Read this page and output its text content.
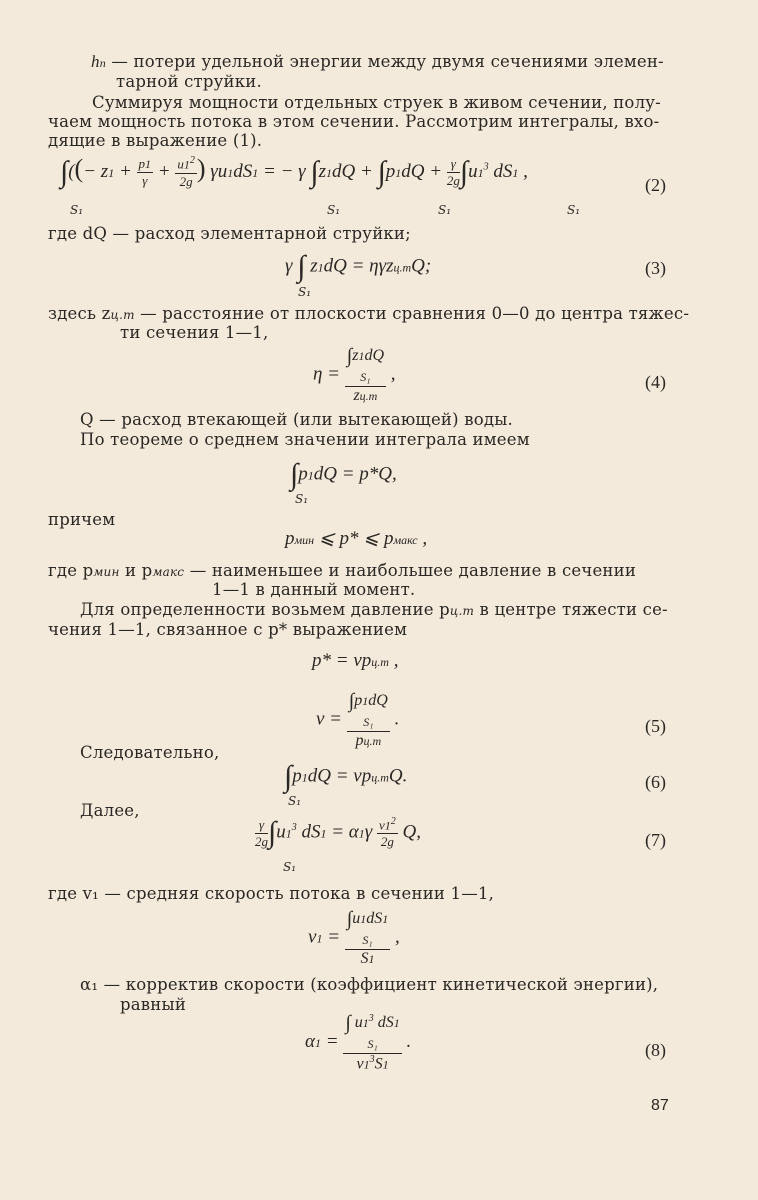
hп — потери удельной энергии между двумя сечениями элемен-
тарной струйки.
Суммируя мощности отдельных струек в живом сечении, полу-
чаем мощность потока в этом сечении. Рассмотрим интегралы, вхо-
дящие в выражение (1).
∫((− $z1 + \frac{p1}{\gamma} + \frac{u1^2}{2g}$ ) γu1dS1 = − γ $\int z1dQ + \int p1dQ + \frac{\gamma}{2g} \int u1^3$ dS1 ,
S₁	S₁	S₁	S₁
(2)
где dQ — расход элементарной струйки;
γ ∫ z1dQ = ηγzц.тQ;
S₁
(3)
здесь zц.т — расстояние от плоскости сравнения 0—0 до центра тяжес-
ти сечения 1—1,
η =
∫z1dQ
S₁
zц.т
,	(4)
Q — расход втекающей (или вытекающей) воды.
По теореме о среднем значении интеграла имеем
∫p1dQ = p*Q,
S₁
причем
pмин ⩽ p* ⩽ pмакс ,
где pмин и pмакс — наименьшее и наибольшее давление в сечении
1—1 в данный момент.
Для определенности возьмем давление pц.т в центре тяжести се-
чения 1—1, связанное с p* выражением
p* = νpц.т ,
ν =
∫p1dQ
S₁
pц.т
.	(5)
Следовательно,
∫p1dQ = νpц.тQ.
S₁
(6)
Далее,
$\frac{\gamma}{2g} \int u1^3$ $dS1 = \alpha 1\gamma \frac{v1^2}{2g} Q$,
S₁
(7)
где v₁ — средняя скорость потока в сечении 1—1,
v1 =
∫u1dS1
S₁
S1
,
α₁ — корректив скорости (коэффициент кинетической энергии),
равный
α1 =
∫ $u1^3$ dS1
S₁
$v1^3S1$
.	(8)
87
